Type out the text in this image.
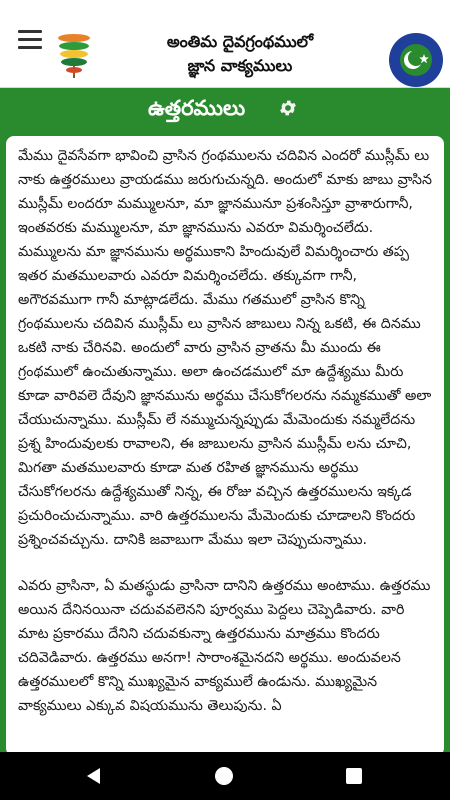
అంతిమ దైవగ్రంథములో
జ్ఞాన వాక్యములు
ఉత్తరములు

మేము దైవసేవగా భావించి వ్రాసిన గ్రంథములను చదివిన ఎందరో ముస్లీమ్ లు నాకు ఉత్తరములు వ్రాయడము జరుగుచున్నది. అందులో మాకు జాబు వ్రాసిన ముస్లీమ్ లందరూ మమ్ములనూ, మా జ్ఞానమునూ ప్రశంసిస్తూ వ్రాశారుగానీ, ఇంతవరకు మమ్ములనూ, మా జ్ఞానమును ఎవరూ విమర్శించలేదు. మమ్ములను మా జ్ఞానమును అర్థముకాని హిందువులే విమర్శించారు తప్ప ఇతర మతములవారు ఎవరూ విమర్శించలేదు. తక్కువగా గానీ, అగౌరవముగా గానీ మాట్లాడలేదు. మేము గతములో వ్రాసిన కొన్ని గ్రంథములను చదివిన ముస్లీమ్ లు వ్రాసిన జాబులు నిన్న ఒకటి, ఈ దినము ఒకటి నాకు చేరినవి. అందులో వారు వ్రాసిన వ్రాతను మీ ముందు ఈ గ్రంథములో ఉంచుతున్నాము. అలా ఉంచడములో మా ఉద్దేశ్యము మీరు కూడా వారివలె దేవుని జ్ఞానమును అర్థము చేసుకోగలరను నమ్మకముతో అలా చేయుచున్నాము. ముస్లీమ్ లే నమ్ముచున్నప్పుడు మేమెందుకు నమ్మలేదను ప్రశ్న హిందువులకు రావాలని, ఈ జాబులను వ్రాసిన ముస్లీమ్ లను చూచి, మిగతా మతములవారు కూడా మత రహిత జ్ఞానమును అర్థము చేసుకోగలరను ఉద్దేశ్యముతో నిన్న, ఈ రోజు వచ్చిన ఉత్తరములను ఇక్కడ ప్రచురించుచున్నాము. వారి ఉత్తరములను మేమెందుకు చూడాలని కొందరు ప్రశ్నించవచ్చును. దానికి జవాబుగా మేము ఇలా చెప్పుచున్నాము.

ఎవరు వ్రాసినా, ఏ మతస్థుడు వ్రాసినా దానిని ఉత్తరము అంటాము. ఉత్తరము అయిన దేనినయినా చదువవలెనని పూర్వము పెద్దలు చెప్పెడివారు. వారి మాట ప్రకారము దేనిని చదువకున్నా ఉత్తరమును మాత్రము కొందరు చదివెడివారు. ఉత్తరము అనగా! సారాంశమైనదని అర్థము. అందువలన ఉత్తరములలో కొన్ని ముఖ్యమైన వాక్యములే ఉండును. ముఖ్యమైన వాక్యములు ఎక్కువ విషయమును తెలుపును. ఏ
